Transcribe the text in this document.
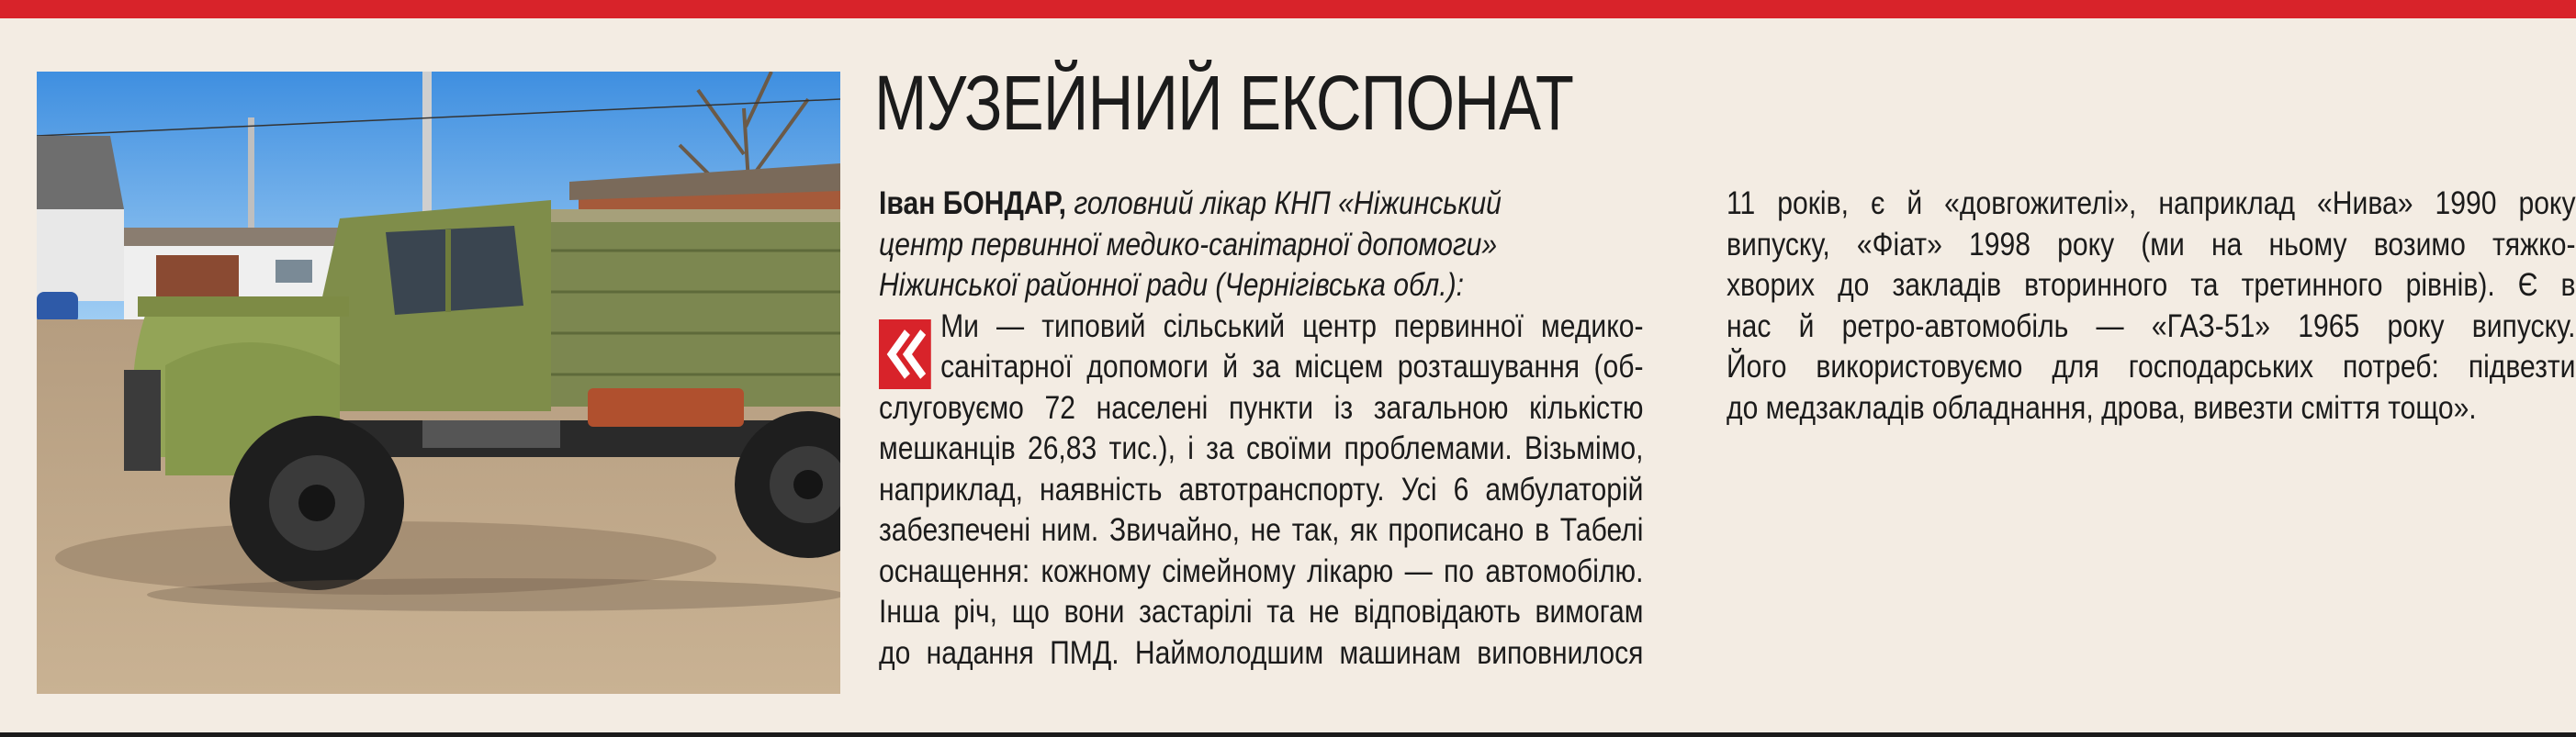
МУЗЕЙНИЙ ЕКСПОНАТ
Іван БОНДАР, головний лікар КНП «Ніжинський
центр первинної медико-санітарної допомоги»
Ніжинської районної ради (Чернігівська обл.):
Ми — типовий сільський центр первинної медико-
санітарної допомоги й за місцем розташування (об-
слуговуємо 72 населені пункти із загальною кількістю
мешканців 26,83 тис.), і за своїми проблемами. Візьмімо,
наприклад, наявність автотранспорту. Усі 6 амбулаторій
забезпечені ним. Звичайно, не так, як прописано в Табелі
оснащення: кожному сімейному лікарю — по автомобілю.
Інша річ, що вони застарілі та не відповідають вимогам
до надання ПМД. Наймолодшим машинам виповнилося
11 років, є й «довгожителі», наприклад «Нива» 1990 року
випуску, «Фіат» 1998 року (ми на ньому возимо тяжко-
хворих до закладів вторинного та третинного рівнів). Є в
нас й ретро-автомобіль — «ГАЗ-51» 1965 року випуску.
Його використовуємо для господарських потреб: підвезти
до медзакладів обладнання, дрова, вивезти сміття тощо».
